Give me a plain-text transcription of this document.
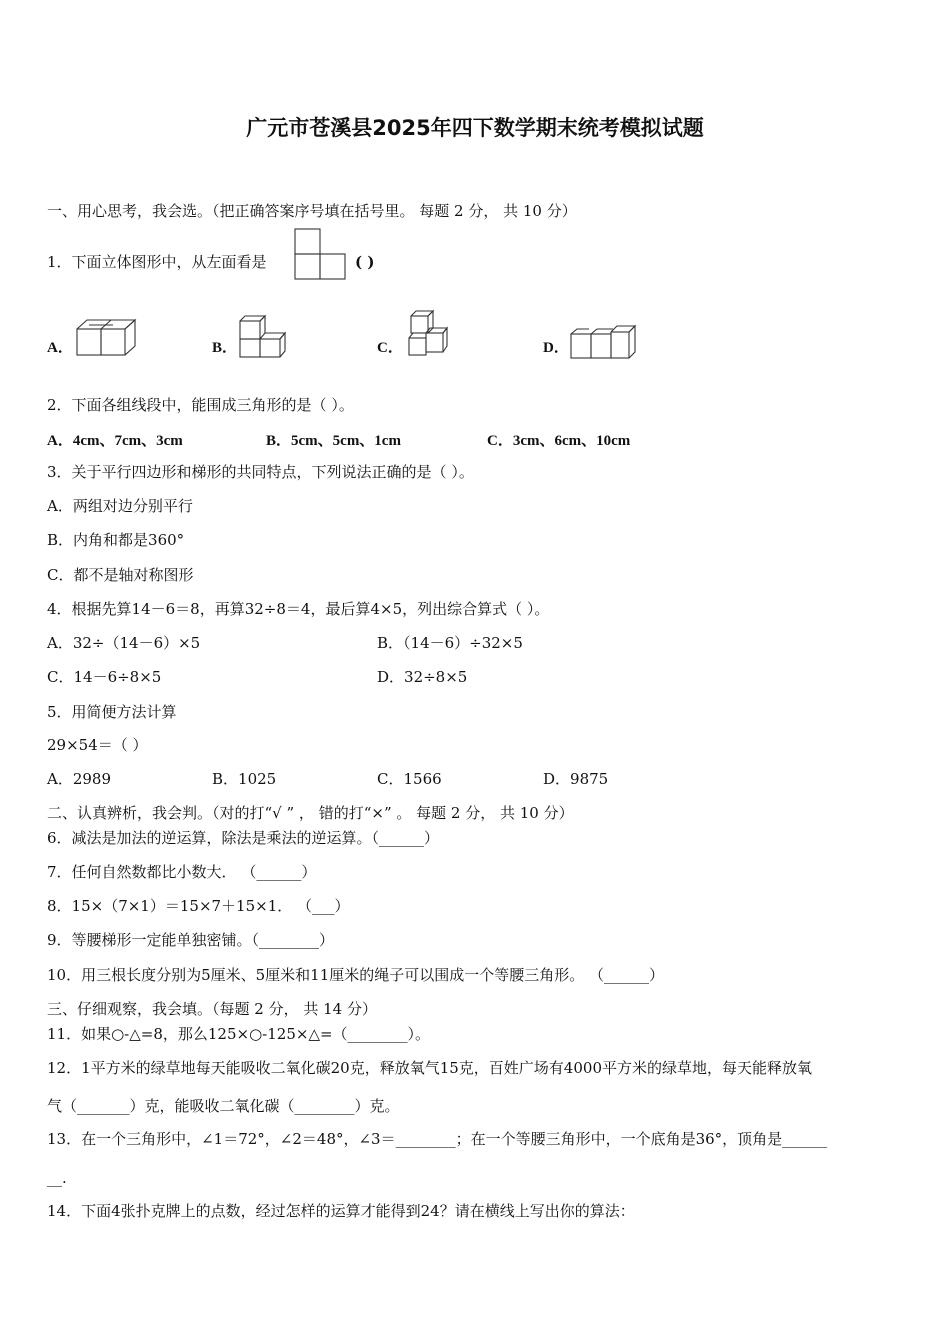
广元市苍溪县2025年四下数学期末统考模拟试题
一、用心思考，我会选。（把正确答案序号填在括号里。 每题 2 分， 共 10 分）
1．下面立体图形中，从左面看是	( )
A．	B．	C．	D．
2．下面各组线段中，能围成三角形的是（ ）。
A．4cm、7cm、3cm	B．5cm、5cm、1cm	C．3cm、6cm、10cm
3．关于平行四边形和梯形的共同特点，下列说法正确的是（ ）。
A．两组对边分别平行
B．内角和都是360°
C．都不是轴对称图形
4．根据先算14－6＝8，再算32÷8＝4，最后算4×5，列出综合算式（ ）。
A．32÷（14－6）×5	B．（14－6）÷32×5
C．14－6÷8×5	D．32÷8×5
5．用简便方法计算
29×54＝（ ）
A．2989	B．1025	C．1566	D．9875
二、认真辨析，我会判。（对的打“√ ” ， 错的打“×” 。 每题 2 分， 共 10 分）
6．减法是加法的逆运算，除法是乘法的逆运算。（______）
7．任何自然数都比小数大． （______）
8．15×（7×1）＝15×7＋15×1． （___）
9．等腰梯形一定能单独密铺。（________）
10．用三根长度分别为5厘米、5厘米和11厘米的绳子可以围成一个等腰三角形。 （______）
三、仔细观察，我会填。（每题 2 分， 共 14 分）
11．如果○-△=8，那么125×○-125×△=（________）。
12．1平方米的绿草地每天能吸收二氧化碳20克，释放氧气15克，百姓广场有4000平方米的绿草地，每天能释放氧
气（_______）克，能吸收二氧化碳（________）克。
13．在一个三角形中，∠1＝72°，∠2＝48°，∠3＝________；在一个等腰三角形中，一个底角是36°，顶角是______
__.
14．下面4张扑克牌上的点数，经过怎样的运算才能得到24？请在横线上写出你的算法：
